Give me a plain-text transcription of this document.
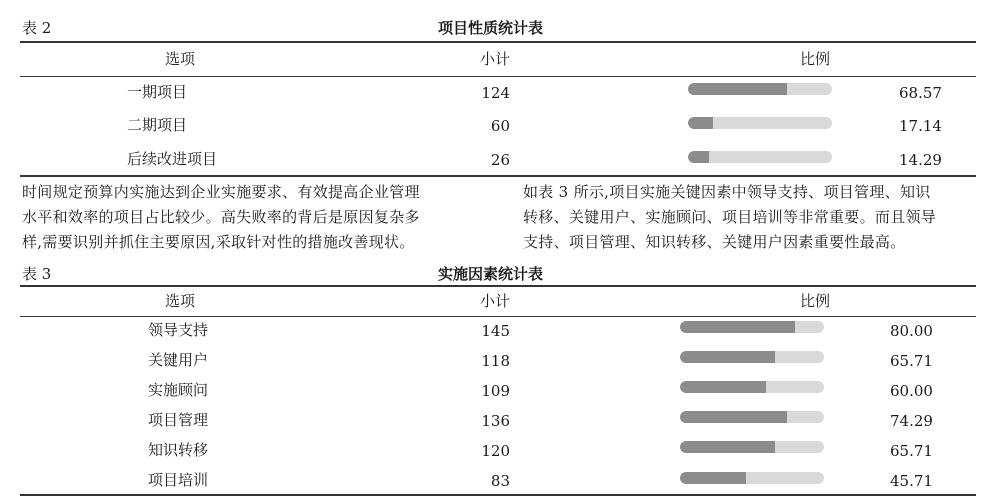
表 2	项目性质统计表
选项	小计	比例
一期项目	124	68.57
二期项目	60	17.14
后续改进项目	26	14.29
时间规定预算内实施达到企业实施要求、有效提高企业管理
水平和效率的项目占比较少。高失败率的背后是原因复杂多
样,需要识别并抓住主要原因,采取针对性的措施改善现状。
如表 3 所示,项目实施关键因素中领导支持、项目管理、知识
转移、关键用户、实施顾问、项目培训等非常重要。而且领导
支持、项目管理、知识转移、关键用户因素重要性最高。
表 3	实施因素统计表
选项	小计	比例
领导支持	145	80.00
关键用户	118	65.71
实施顾问	109	60.00
项目管理	136	74.29
知识转移	120	65.71
项目培训	83	45.71
